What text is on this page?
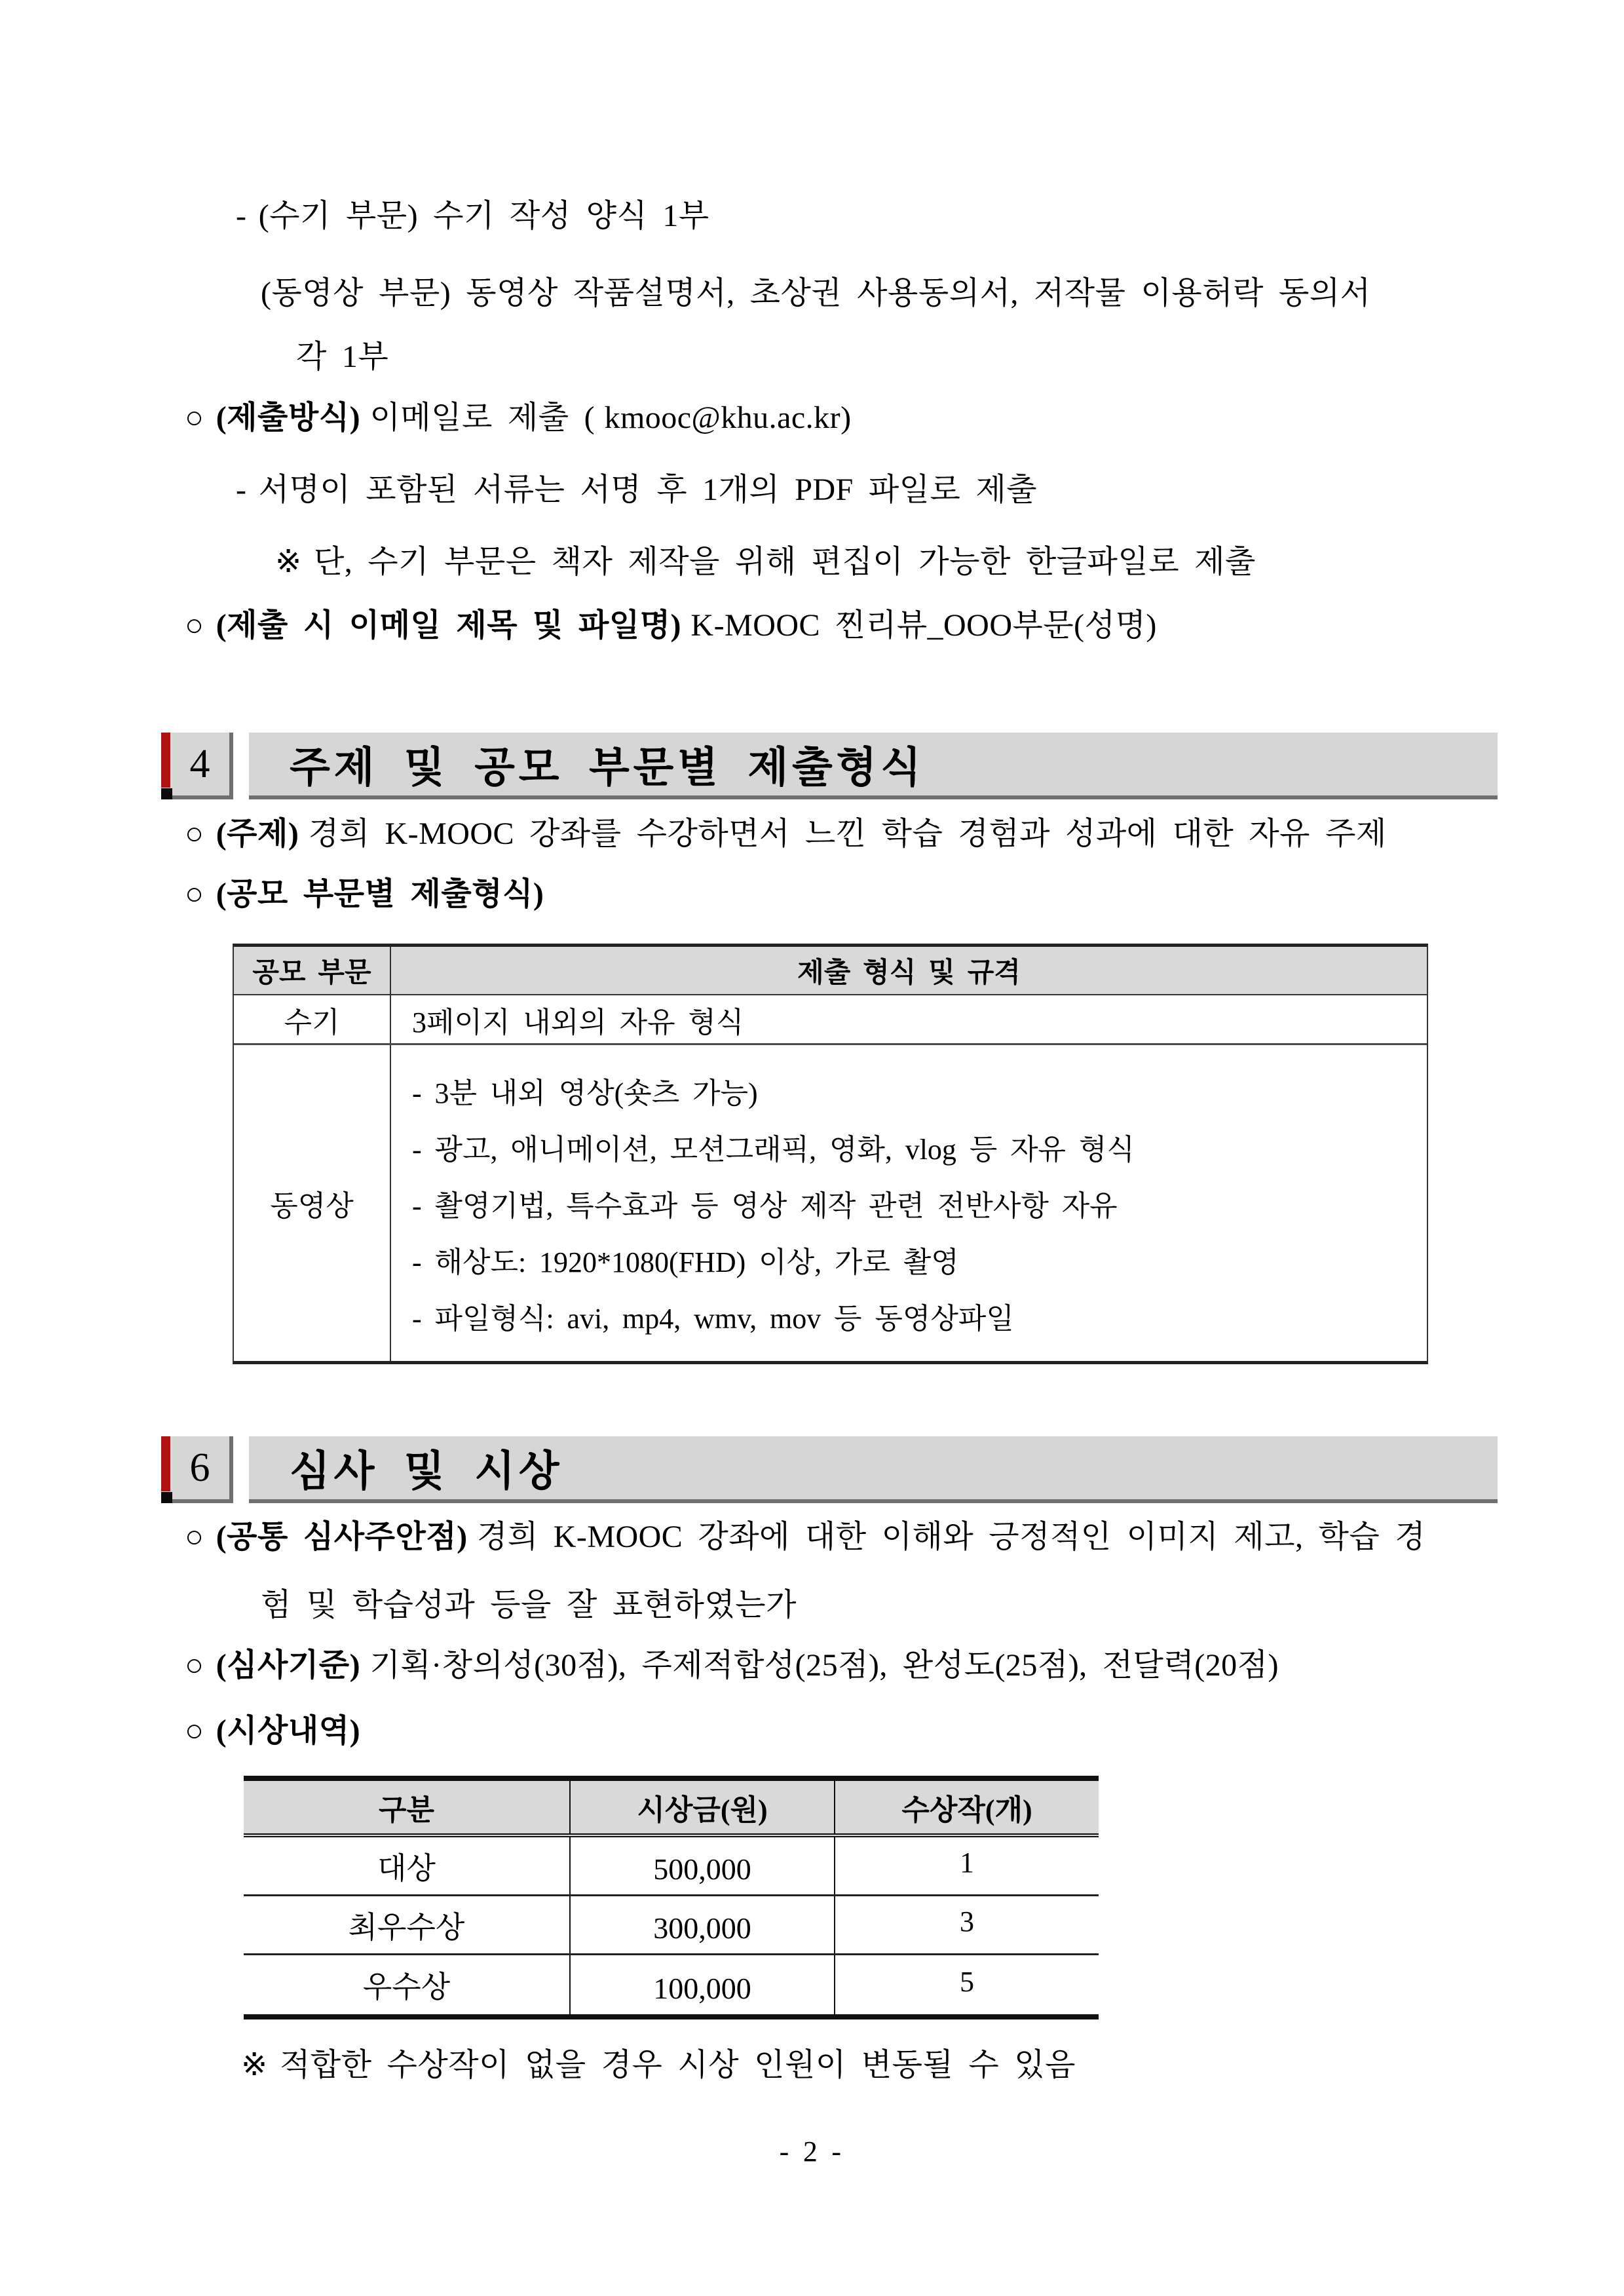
- (수기 부문) 수기 작성 양식 1부
(동영상 부문) 동영상 작품설명서, 초상권 사용동의서, 저작물 이용허락 동의서
각 1부
○ (제출방식) 이메일로 제출 ( kmooc@khu.ac.kr)
- 서명이 포함된 서류는 서명 후 1개의 PDF 파일로 제출
※ 단, 수기 부문은 책자 제작을 위해 편집이 가능한 한글파일로 제출
○ (제출 시 이메일 제목 및 파일명) K-MOOC 찐리뷰_OOO부문(성명)
4	주제 및 공모 부문별 제출형식
○ (주제) 경희 K-MOOC 강좌를 수강하면서 느낀 학습 경험과 성과에 대한 자유 주제
○ (공모 부문별 제출형식)
공모 부문	제출 형식 및 규격
수기	3페이지 내외의 자유 형식
동영상
- 3분 내외 영상(숏츠 가능)
- 광고, 애니메이션, 모션그래픽, 영화, vlog 등 자유 형식
- 촬영기법, 특수효과 등 영상 제작 관련 전반사항 자유
- 해상도: 1920*1080(FHD) 이상, 가로 촬영
- 파일형식: avi, mp4, wmv, mov 등 동영상파일
6	심사 및 시상
○ (공통 심사주안점) 경희 K-MOOC 강좌에 대한 이해와 긍정적인 이미지 제고, 학습 경
험 및 학습성과 등을 잘 표현하였는가
○ (심사기준) 기획·창의성(30점), 주제적합성(25점), 완성도(25점), 전달력(20점)
○ (시상내역)
구분	시상금(원)	수상작(개)
대상	500,000	1
최우수상	300,000	3
우수상	100,000	5
※ 적합한 수상작이 없을 경우 시상 인원이 변동될 수 있음
- 2 -
